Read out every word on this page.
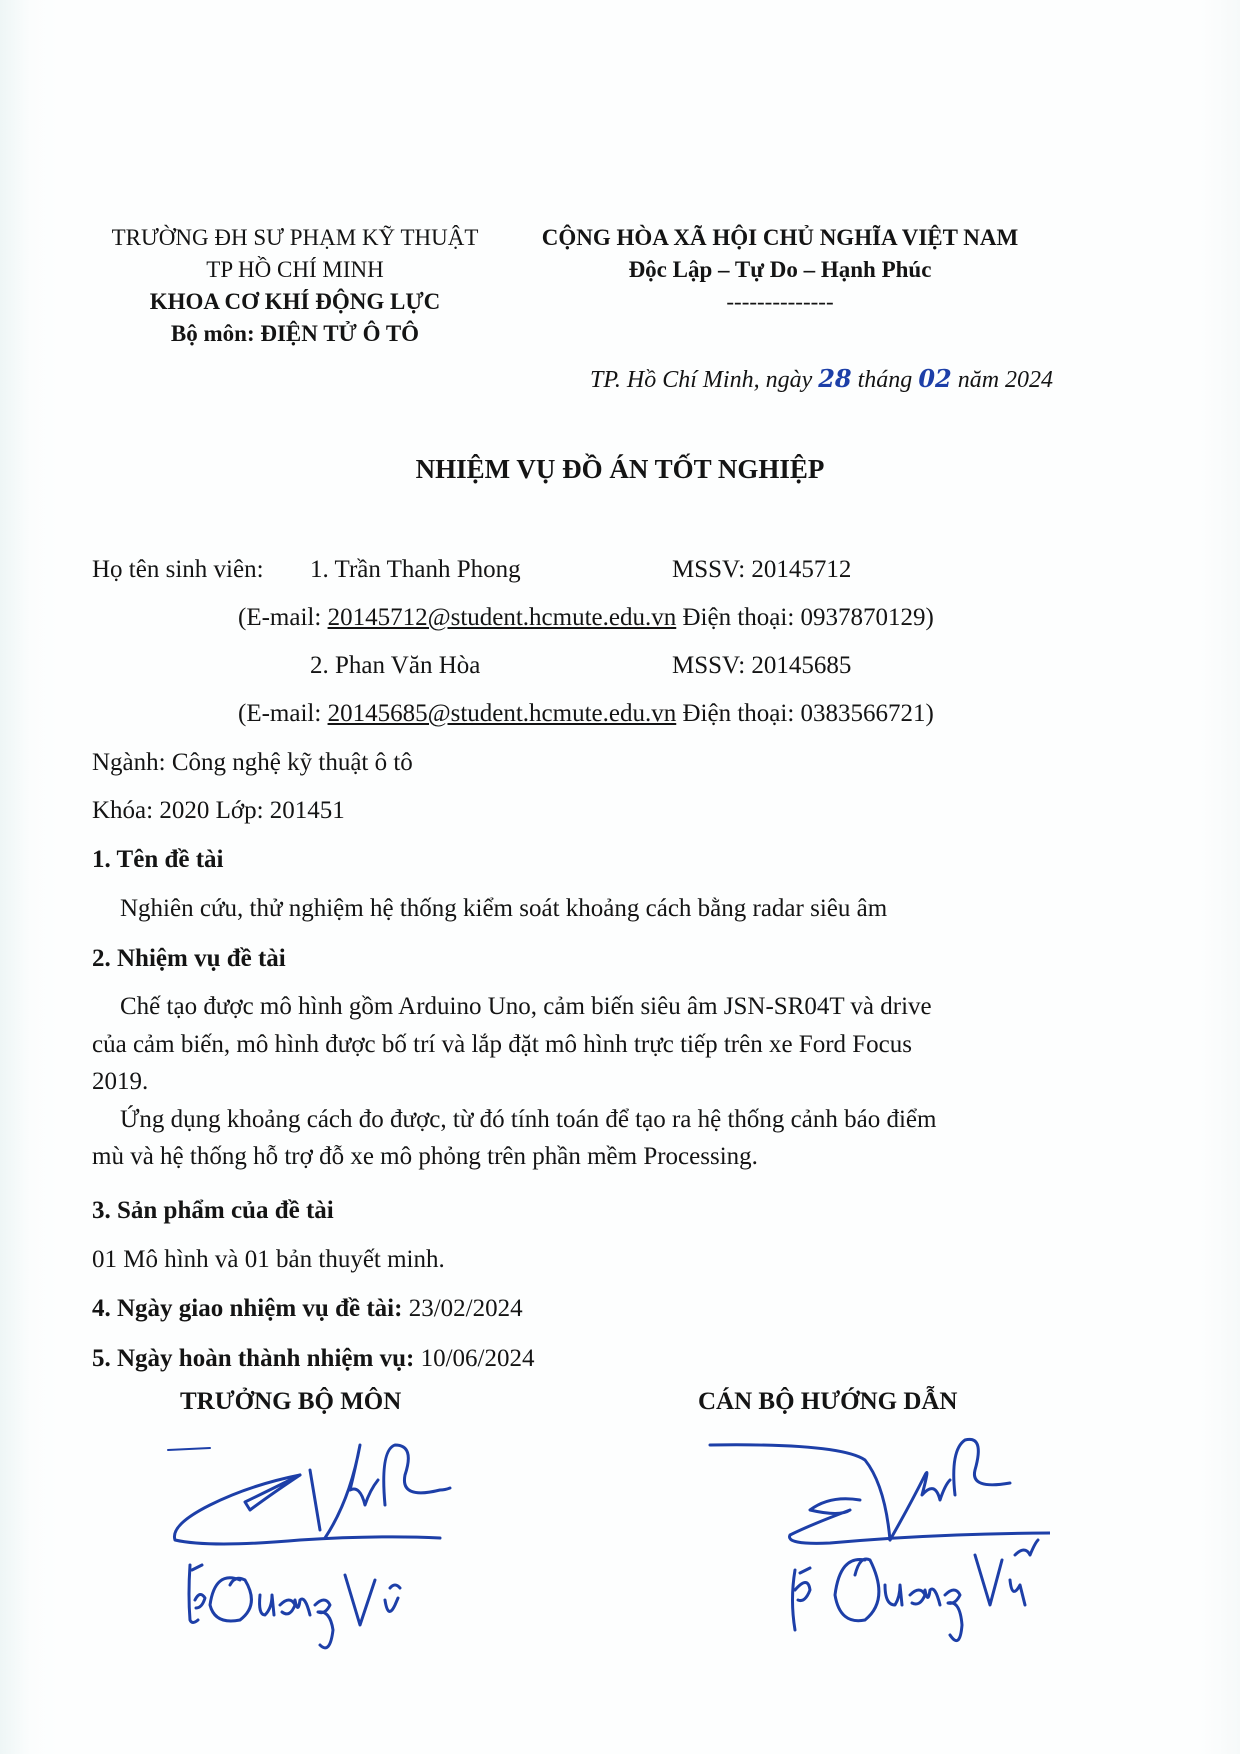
TRƯỜNG ĐH SƯ PHẠM KỸ THUẬT
TP HỒ CHÍ MINH
KHOA CƠ KHÍ ĐỘNG LỰC
Bộ môn: ĐIỆN TỬ Ô TÔ
CỘNG HÒA XÃ HỘI CHỦ NGHĨA VIỆT NAM
Độc Lập – Tự Do – Hạnh Phúc
--------------
TP. Hồ Chí Minh, ngày 28 tháng 02 năm 2024
NHIỆM VỤ ĐỒ ÁN TỐT NGHIỆP
Họ tên sinh viên: 1. Trần Thanh Phong	MSSV: 20145712
(E-mail: 20145712@student.hcmute.edu.vn Điện thoại: 0937870129)
2. Phan Văn Hòa	MSSV: 20145685
(E-mail: 20145685@student.hcmute.edu.vn Điện thoại: 0383566721)
Ngành: Công nghệ kỹ thuật ô tô
Khóa: 2020 Lớp: 201451
1. Tên đề tài
Nghiên cứu, thử nghiệm hệ thống kiểm soát khoảng cách bằng radar siêu âm
2. Nhiệm vụ đề tài
Chế tạo được mô hình gồm Arduino Uno, cảm biến siêu âm JSN-SR04T và drive
của cảm biến, mô hình được bố trí và lắp đặt mô hình trực tiếp trên xe Ford Focus
2019.
Ứng dụng khoảng cách đo được, từ đó tính toán để tạo ra hệ thống cảnh báo điểm
mù và hệ thống hỗ trợ đỗ xe mô phỏng trên phần mềm Processing.
3. Sản phẩm của đề tài
01 Mô hình và 01 bản thuyết minh.
4. Ngày giao nhiệm vụ đề tài: 23/02/2024
5. Ngày hoàn thành nhiệm vụ: 10/06/2024
TRƯỞNG BỘ MÔN	CÁN BỘ HƯỚNG DẪN
